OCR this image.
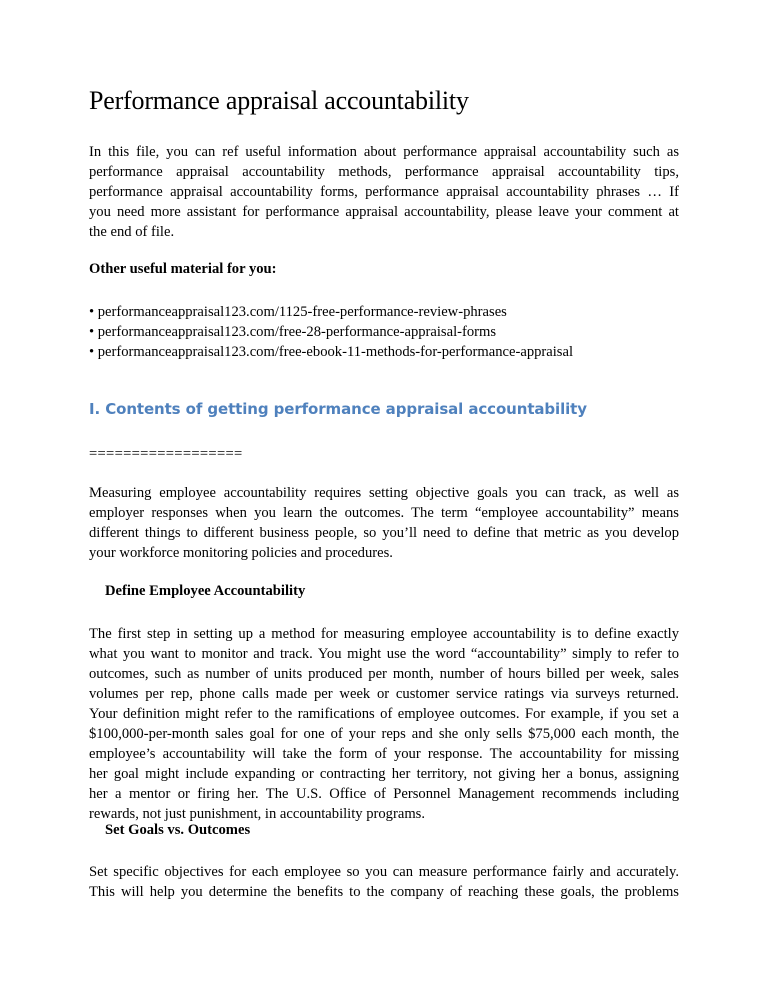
Performance appraisal accountability
In this file, you can ref useful information about performance appraisal accountability such as
performance appraisal accountability methods, performance appraisal accountability tips,
performance appraisal accountability forms, performance appraisal accountability phrases … If
you need more assistant for performance appraisal accountability, please leave your comment at
the end of file.
Other useful material for you:
• performanceappraisal123.com/1125-free-performance-review-phrases
• performanceappraisal123.com/free-28-performance-appraisal-forms
• performanceappraisal123.com/free-ebook-11-methods-for-performance-appraisal
I. Contents of getting performance appraisal accountability
==================
Measuring employee accountability requires setting objective goals you can track, as well as
employer responses when you learn the outcomes. The term “employee accountability” means
different things to different business people, so you’ll need to define that metric as you develop
your workforce monitoring policies and procedures.
Define Employee Accountability
The first step in setting up a method for measuring employee accountability is to define exactly
what you want to monitor and track. You might use the word “accountability” simply to refer to
outcomes, such as number of units produced per month, number of hours billed per week, sales
volumes per rep, phone calls made per week or customer service ratings via surveys returned.
Your definition might refer to the ramifications of employee outcomes. For example, if you set a
$100,000-per-month sales goal for one of your reps and she only sells $75,000 each month, the
employee’s accountability will take the form of your response. The accountability for missing
her goal might include expanding or contracting her territory, not giving her a bonus, assigning
her a mentor or firing her. The U.S. Office of Personnel Management recommends including
rewards, not just punishment, in accountability programs.
Set Goals vs. Outcomes
Set specific objectives for each employee so you can measure performance fairly and accurately.
This will help you determine the benefits to the company of reaching these goals, the problems
